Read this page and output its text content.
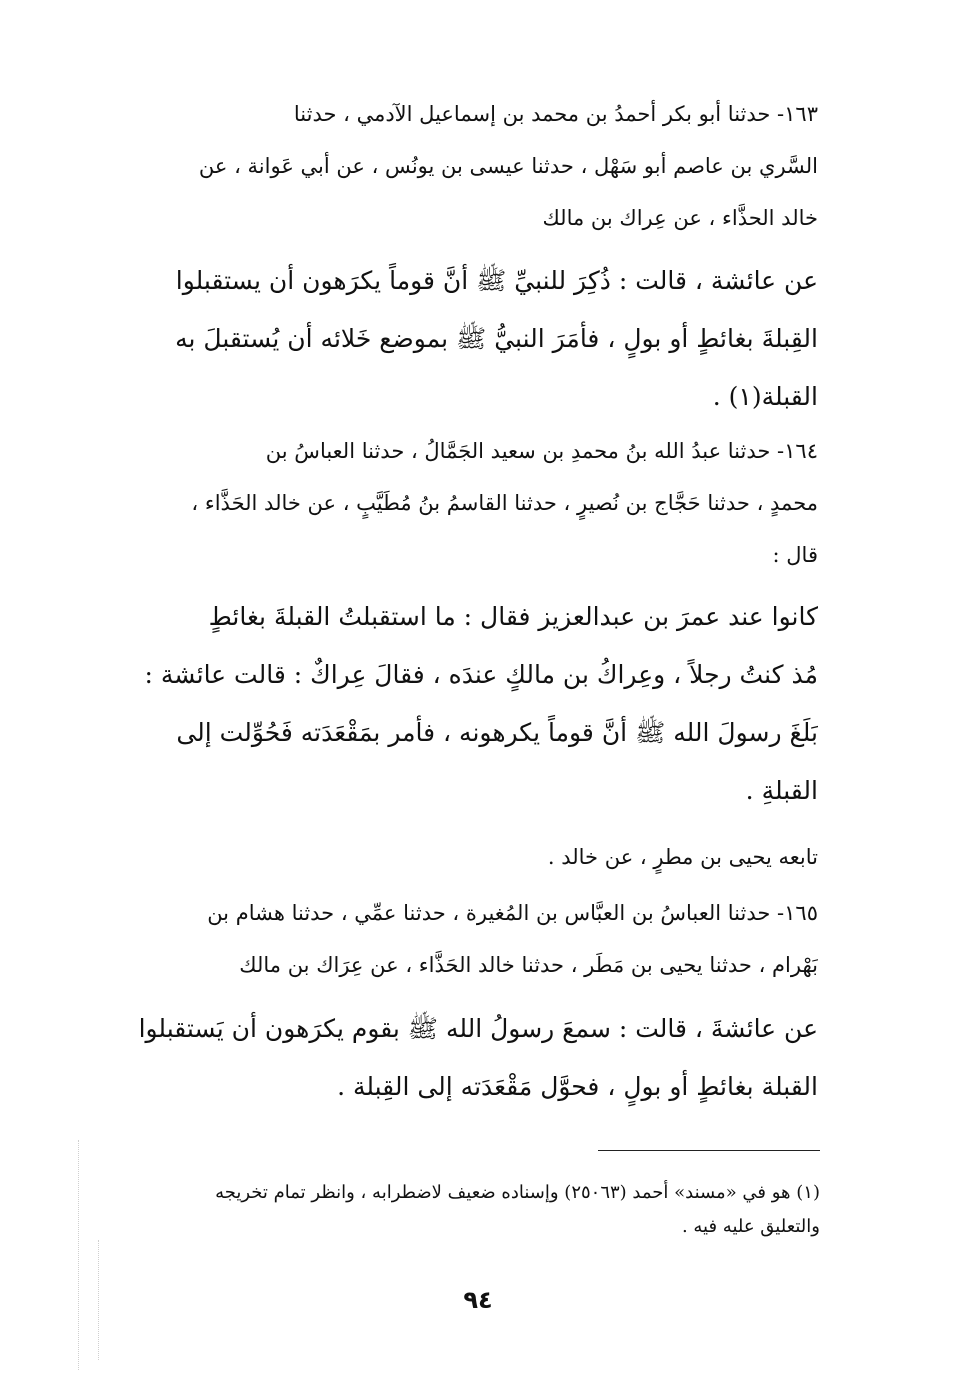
١٦٣- حدثنا أبو بكر أحمدُ بن محمد بن إسماعيل الآدمي ، حدثنا
السَّري بن عاصم أبو سَهْل ، حدثنا عيسى بن يونُس ، عن أبي عَوانة ، عن
خالد الحذَّاء ، عن عِراك بن مالك
عن عائشة ، قالت : ذُكِرَ للنبيِّ ﷺ أنَّ قوماً يكرَهون أن يستقبلوا
القِبلةَ بغائطٍ أو بولٍ ، فأمَرَ النبيُّ ﷺ بموضع خَلائه أن يُستقبلَ به
القبلة(١) .
١٦٤- حدثنا عبدُ الله بنُ محمدِ بن سعيد الجَمَّالُ ، حدثنا العباسُ بن
محمدٍ ، حدثنا حَجَّاج بن نُصيرٍ ، حدثنا القاسمُ بنُ مُطَيَّبٍ ، عن خالد الحَذَّاء ،
قال :
كانوا عند عمرَ بن عبدالعزيز فقال : ما استقبلتُ القبلةَ بغائطٍ
مُذ كنتُ رجلاً ، وعِراكُ بن مالكٍ عندَه ، فقالَ عِراكٌ : قالت عائشة :
بَلَغَ رسولَ الله ﷺ أنَّ قوماً يكرهونه ، فأمر بمَقْعَدَته فَحُوِّلت إلى
القبلةِ .
تابعه يحيى بن مطرٍ ، عن خالد .
١٦٥- حدثنا العباسُ بن العبَّاس بن المُغيرة ، حدثنا عمِّي ، حدثنا هشام بن
بَهْرام ، حدثنا يحيى بن مَطَر ، حدثنا خالد الحَذَّاء ، عن عِرَاك بن مالك
عن عائشةَ ، قالت : سمعَ رسولُ الله ﷺ بقوم يكرَهون أن يَستقبلوا
القبلة بغائطٍ أو بولٍ ، فحوَّل مَقْعَدَته إلى القِبلة .
(١) هو في «مسند» أحمد (٢٥٠٦٣) وإسناده ضعيف لاضطرابه ، وانظر تمام تخريجه
والتعليق عليه فيه .
٩٤
